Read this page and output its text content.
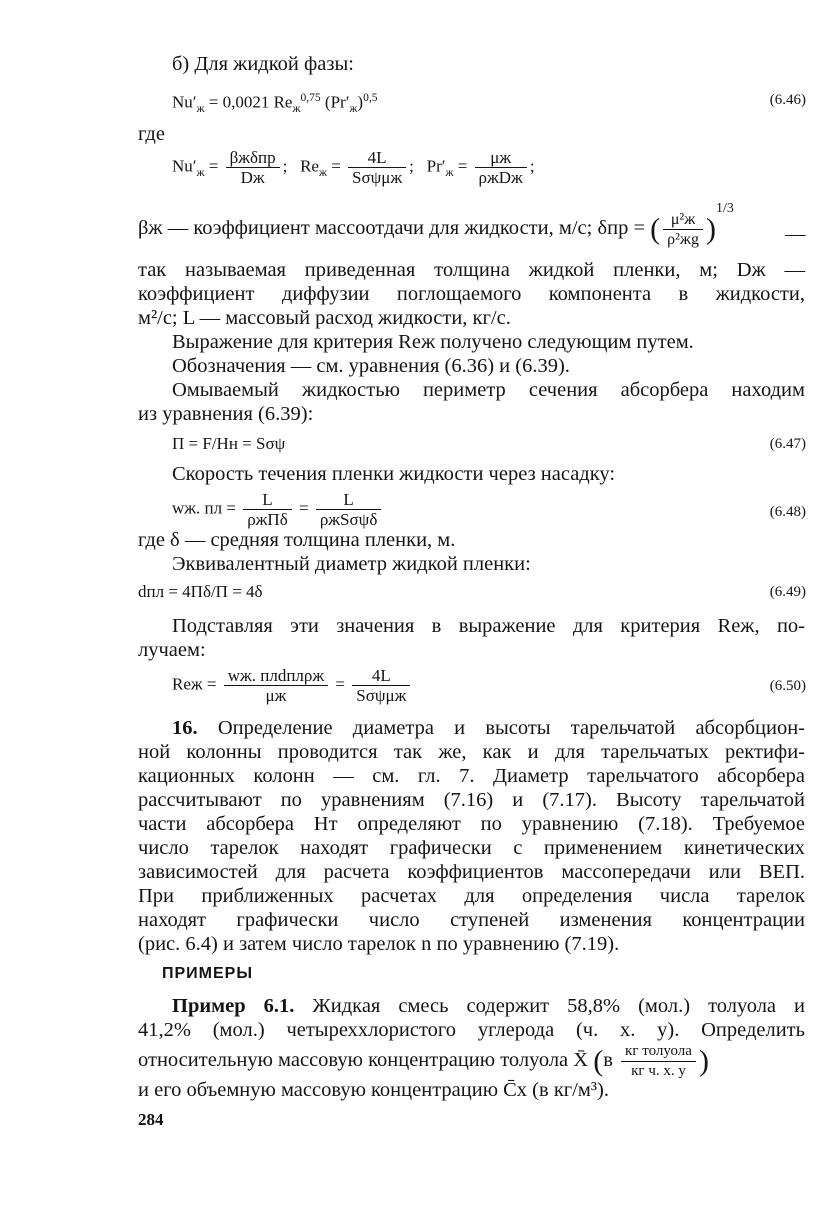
б) Для жидкой фазы:
$Nu'_ж = 0,0021$ $Re_ж^{0,75}$ $(Pr'_ж)^{0,5}$	(6.46)
где
$Nu'_ж = \beta ж\delta пр$
Dж
;   $Re_ж$ =	4L
Sσψμж
;   $Pr'_ж$ =	μж
ρжDж
;
βж — коэффициент массоотдачи для жидкости, м/с; δпр = ( μ²ж
ρ²жg )$^{1/3}$
—
так называемая приведенная толщина жидкой пленки, м; Dж —
коэффициент диффузии поглощаемого компонента в жидкости,
м²/с; L — массовый расход жидкости, кг/с.
Выражение для критерия Reж получено следующим путем.
Обозначения — см. уравнения (6.36) и (6.39).
Омываемый жидкостью периметр сечения абсорбера находим
из уравнения (6.39):
П = F/Hн = Sσψ	(6.47)
Скорость течения пленки жидкости через насадку:
wж. пл =	L
ρжПδ
=	L
ρжSσψδ	(6.48)
где δ — средняя толщина пленки, м.
Эквивалентный диаметр жидкой пленки:
dпл = 4Пδ/П = 4δ	(6.49)
Подставляя эти значения в выражение для критерия Reж, по-
лучаем:
Reж = wж. плdплρж
μж
=	4L
Sσψμж	(6.50)
16. Определение диаметра и высоты тарельчатой абсорбцион-
ной колонны проводится так же, как и для тарельчатых ректифи-
кационных колонн — см. гл. 7. Диаметр тарельчатого абсорбера
рассчитывают по уравнениям (7.16) и (7.17). Высоту тарельчатой
части абсорбера Hт определяют по уравнению (7.18). Требуемое
число тарелок находят графически с применением кинетических
зависимостей для расчета коэффициентов массопередачи или ВЕП.
При приближенных расчетах для определения числа тарелок
находят графически число ступеней изменения концентрации
(рис. 6.4) и затем число тарелок n по уравнению (7.19).
ПРИМЕРЫ
Пример 6.1. Жидкая смесь содержит 58,8% (мол.) толуола и
41,2% (мол.) четыреххлористого углерода (ч. х. у). Определить
относительную массовую концентрацию толуола X̄ (в кг толуола
кг ч. х. у )
и его объемную массовую концентрацию C̄x (в кг/м³).
284
